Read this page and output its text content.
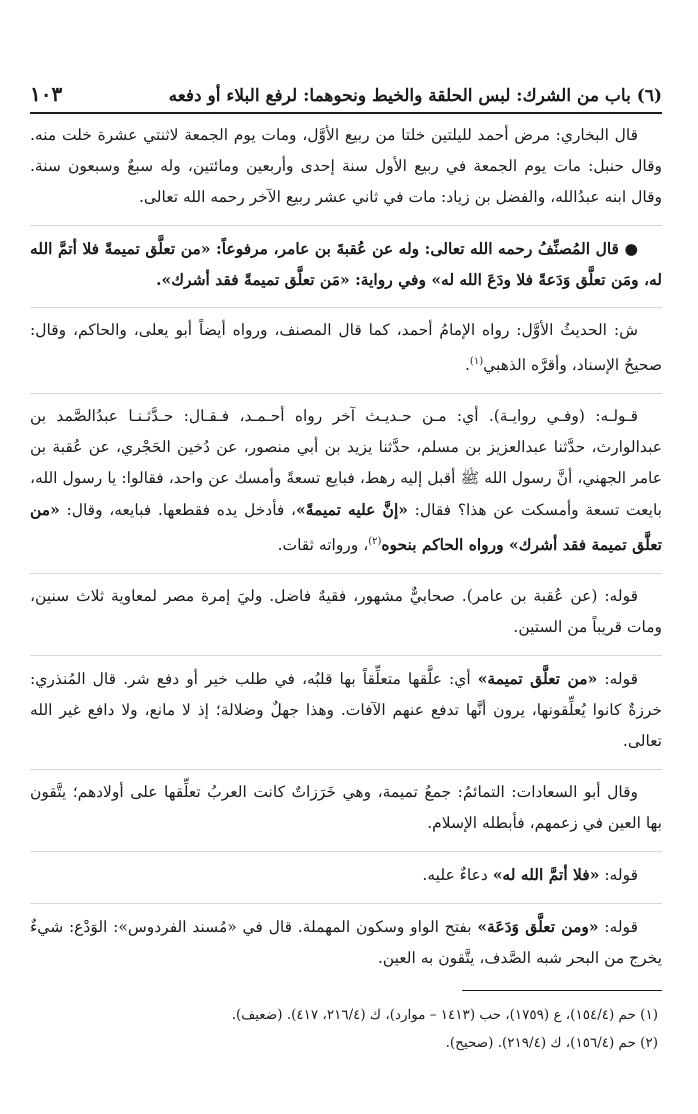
(٦) باب من الشرك: لبس الحلقة والخيط ونحوهما: لرفع البلاء أو دفعه
١٠٣

قال البخاري: مرض أحمد لليلتين خلتا من ربيع الأوَّل، ومات يوم الجمعة لاثنتي عشرة خلت منه. وقال حنبل: مات يوم الجمعة في ربيع الأول سنة إحدى وأربعين ومائتين، وله سبعٌ وسبعون سنة. وقال ابنه عبدُالله، والفضل بن زياد: مات في ثاني عشر ربيع الآخر رحمه الله تعالى.

● قال المُصنِّفُ رحمه الله تعالى: وله عن عُقبةَ بن عامر، مرفوعاً: «من تعلَّق تميمةً فلا أتمَّ الله له، ومَن تعلَّق وَدَعةً فلا ودَعَ الله له» وفي رواية: «مَن تعلَّق تميمةً فقد أشرك».

ش: الحديثُ الأوَّل: رواه الإمامُ أحمد، كما قال المصنف، ورواه أيضاً أبو يعلى، والحاكم، وقال: صحيحُ الإسناد، وأقرَّه الذهبي$^{(١)}$.

قـولـه: (وفـي روايـة). أي: مـن حـديـث آخر رواه أحـمـد، فـقـال: حـدَّثـنـا عبدُالصَّمد بن عبدالوارث، حدَّثنا عبدالعزيز بن مسلم، حدَّثنا يزيد بن أبي منصور، عن دُخين الحَجْري، عن عُقبة بن عامر الجهني، أنَّ رسول الله ﷺ أقبل إليه رهط، فبايع تسعةً وأمسك عن واحد، فقالوا: يا رسول الله، بايعت تسعة وأمسكت عن هذا؟ فقال: «إنَّ عليه تميمةً»، فأدخل يده فقطعها. فبايعه، وقال: «من تعلَّق تميمة فقد أشرك» ورواه الحاكم بنحوه$^{(٢)}$، ورواته ثقات.

قوله: (عن عُقبة بن عامر). صحابيٌّ مشهور، فقيهٌ فاضل. وليَ إمرة مصر لمعاوية ثلاث سنين، ومات قريباً من الستين.

قوله: «من تعلَّق تميمة» أي: علَّقها متعلِّقاً بها قلبُه، في طلب خير أو دفع شر. قال المُنذري: خرزةٌ كانوا يُعلِّقونها، يرون أنَّها تدفع عنهم الآفات. وهذا جهلٌ وضلالة؛ إذ لا مانع، ولا دافع غير الله تعالى.

وقال أبو السعادات: التمائمُ: جمعُ تميمة، وهي خَرَزاتٌ كانت العربُ تعلِّقها على أولادهم؛ يتَّقون بها العين في زعمهم، فأبطله الإسلام.

قوله: «فلا أتمَّ الله له» دعاءٌ عليه.

قوله: «ومن تعلَّق وَدَعَة» بفتح الواو وسكون المهملة. قال في «مُسند الفردوس»: الوَدْع: شيءٌ يخرج من البحر شبه الصَّدف، يتَّقون به العين.

(١) حم (١٥٤/٤)، ع (١٧٥٩)، حب (١٤١٣ – موارد)، ك (٢١٦/٤، ٤١٧). (ضعيف).

(٢) حم (١٥٦/٤)، ك (٢١٩/٤). (صحيح).
